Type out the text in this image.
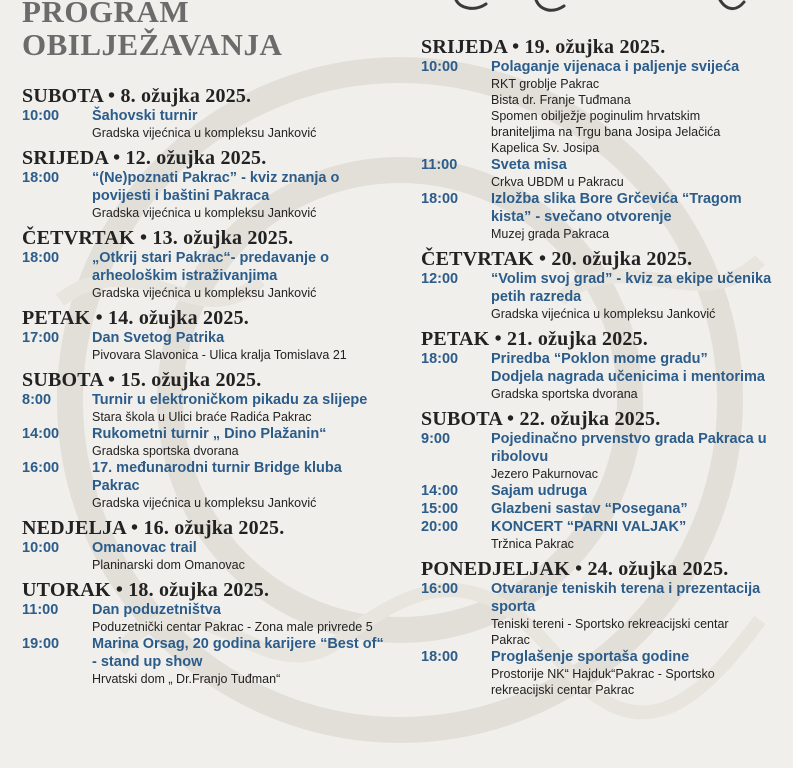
PROGRAM
OBILJEŽAVANJA
SUBOTA • 8. ožujka 2025.
10:00	Šahovski turnir
Gradska vijećnica u kompleksu Janković
SRIJEDA • 12. ožujka 2025.
18:00	“(Ne)poznati Pakrac” - kviz znanja o
povijesti i baštini Pakraca
Gradska vijećnica u kompleksu Janković
ČETVRTAK • 13. ožujka 2025.
18:00	„Otkrij stari Pakrac“- predavanje o
arheološkim istraživanjima
Gradska vijećnica u kompleksu Janković
PETAK • 14. ožujka 2025.
17:00	Dan Svetog Patrika
Pivovara Slavonica - Ulica kralja Tomislava 21
SUBOTA • 15. ožujka 2025.
8:00	Turnir u elektroničkom pikadu za slijepe
Stara škola u Ulici braće Radića Pakrac
14:00	Rukometni turnir „ Dino Plažanin“
Gradska sportska dvorana
16:00	17. međunarodni turnir Bridge kluba
Pakrac
Gradska vijećnica u kompleksu Janković
NEDJELJA • 16. ožujka 2025.
10:00	Omanovac trail
Planinarski dom Omanovac
UTORAK • 18. ožujka 2025.
11:00	Dan poduzetništva
Poduzetnički centar Pakrac - Zona male privrede 5
19:00	Marina Orsag, 20 godina karijere “Best of“
- stand up show
Hrvatski dom „ Dr.Franjo Tuđman“
SRIJEDA • 19. ožujka 2025.
10:00	Polaganje vijenaca i paljenje svijeća
RKT groblje Pakrac
Bista dr. Franje Tuđmana
Spomen obilježje poginulim hrvatskim
braniteljima na Trgu bana Josipa Jelačića
Kapelica Sv. Josipa
11:00	Sveta misa
Crkva UBDM u Pakracu
18:00	Izložba slika Bore Grčevića “Tragom
kista” - svečano otvorenje
Muzej grada Pakraca
ČETVRTAK • 20. ožujka 2025.
12:00	“Volim svoj grad” - kviz za ekipe učenika
petih razreda
Gradska vijećnica u kompleksu Janković
PETAK • 21. ožujka 2025.
18:00	Priredba “Poklon mome gradu”
Dodjela nagrada učenicima i mentorima
Gradska sportska dvorana
SUBOTA • 22. ožujka 2025.
9:00	Pojedinačno prvenstvo grada Pakraca u
ribolovu
Jezero Pakurnovac
14:00	Sajam udruga
15:00	Glazbeni sastav “Posegana”
20:00	KONCERT “PARNI VALJAK”
Tržnica Pakrac
PONEDJELJAK • 24. ožujka 2025.
16:00	Otvaranje teniskih terena i prezentacija
sporta
Teniski tereni - Sportsko rekreacijski centar
Pakrac
18:00	Proglašenje sportaša godine
Prostorije NK“ Hajduk“Pakrac - Sportsko
rekreacijski centar Pakrac
